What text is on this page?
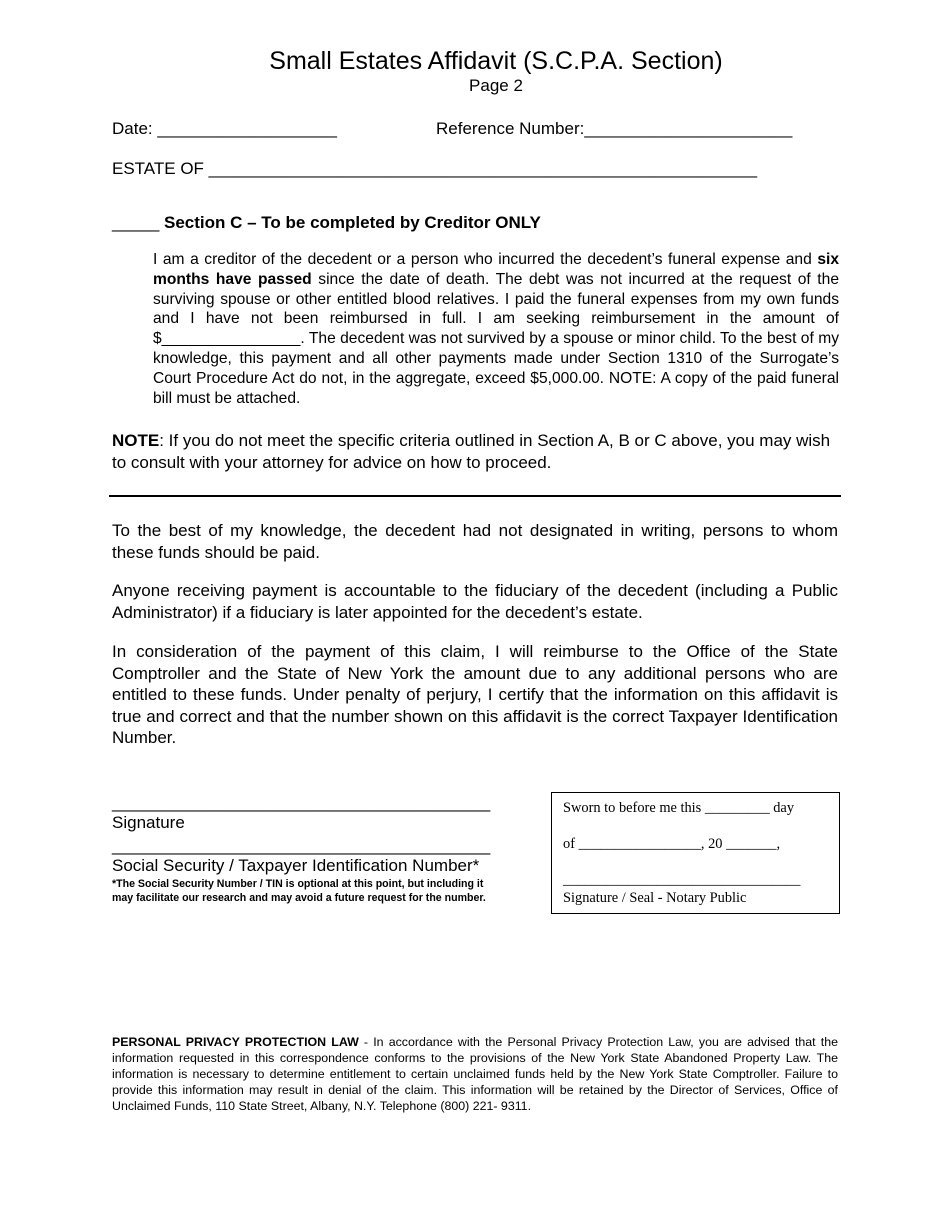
Small Estates Affidavit (S.C.P.A. Section)
Page 2
Date: ___________________	Reference Number:______________________
ESTATE OF __________________________________________________________
_____ Section C – To be completed by Creditor ONLY
I am a creditor of the decedent or a person who incurred the decedent’s funeral expense and six months have passed since the date of death. The debt was not incurred at the request of the surviving spouse or other entitled blood relatives. I paid the funeral expenses from my own funds and I have not been reimbursed in full. I am seeking reimbursement in the amount of $________________. The decedent was not survived by a spouse or minor child. To the best of my knowledge, this payment and all other payments made under Section 1310 of the Surrogate’s Court Procedure Act do not, in the aggregate, exceed $5,000.00. NOTE: A copy of the paid funeral bill must be attached.
NOTE: If you do not meet the specific criteria outlined in Section A, B or C above, you may wish to consult with your attorney for advice on how to proceed.
To the best of my knowledge, the decedent had not designated in writing, persons to whom these funds should be paid.
Anyone receiving payment is accountable to the fiduciary of the decedent (including a Public Administrator) if a fiduciary is later appointed for the decedent’s estate.
In consideration of the payment of this claim, I will reimburse to the Office of the State Comptroller and the State of New York the amount due to any additional persons who are entitled to these funds. Under penalty of perjury, I certify that the information on this affidavit is true and correct and that the number shown on this affidavit is the correct Taxpayer Identification Number.
________________________________________
Signature
________________________________________
Social Security / Taxpayer Identification Number*
*The Social Security Number / TIN is optional at this point, but including it
may facilitate our research and may avoid a future request for the number.
Sworn to before me this _________ day
of _________________, 20 _______,
_________________________________
Signature / Seal - Notary Public
PERSONAL PRIVACY PROTECTION LAW - In accordance with the Personal Privacy Protection Law, you are advised that the information requested in this correspondence conforms to the provisions of the New York State Abandoned Property Law. The information is necessary to determine entitlement to certain unclaimed funds held by the New York State Comptroller. Failure to provide this information may result in denial of the claim. This information will be retained by the Director of Services, Office of Unclaimed Funds, 110 State Street, Albany, N.Y. Telephone (800) 221- 9311.
